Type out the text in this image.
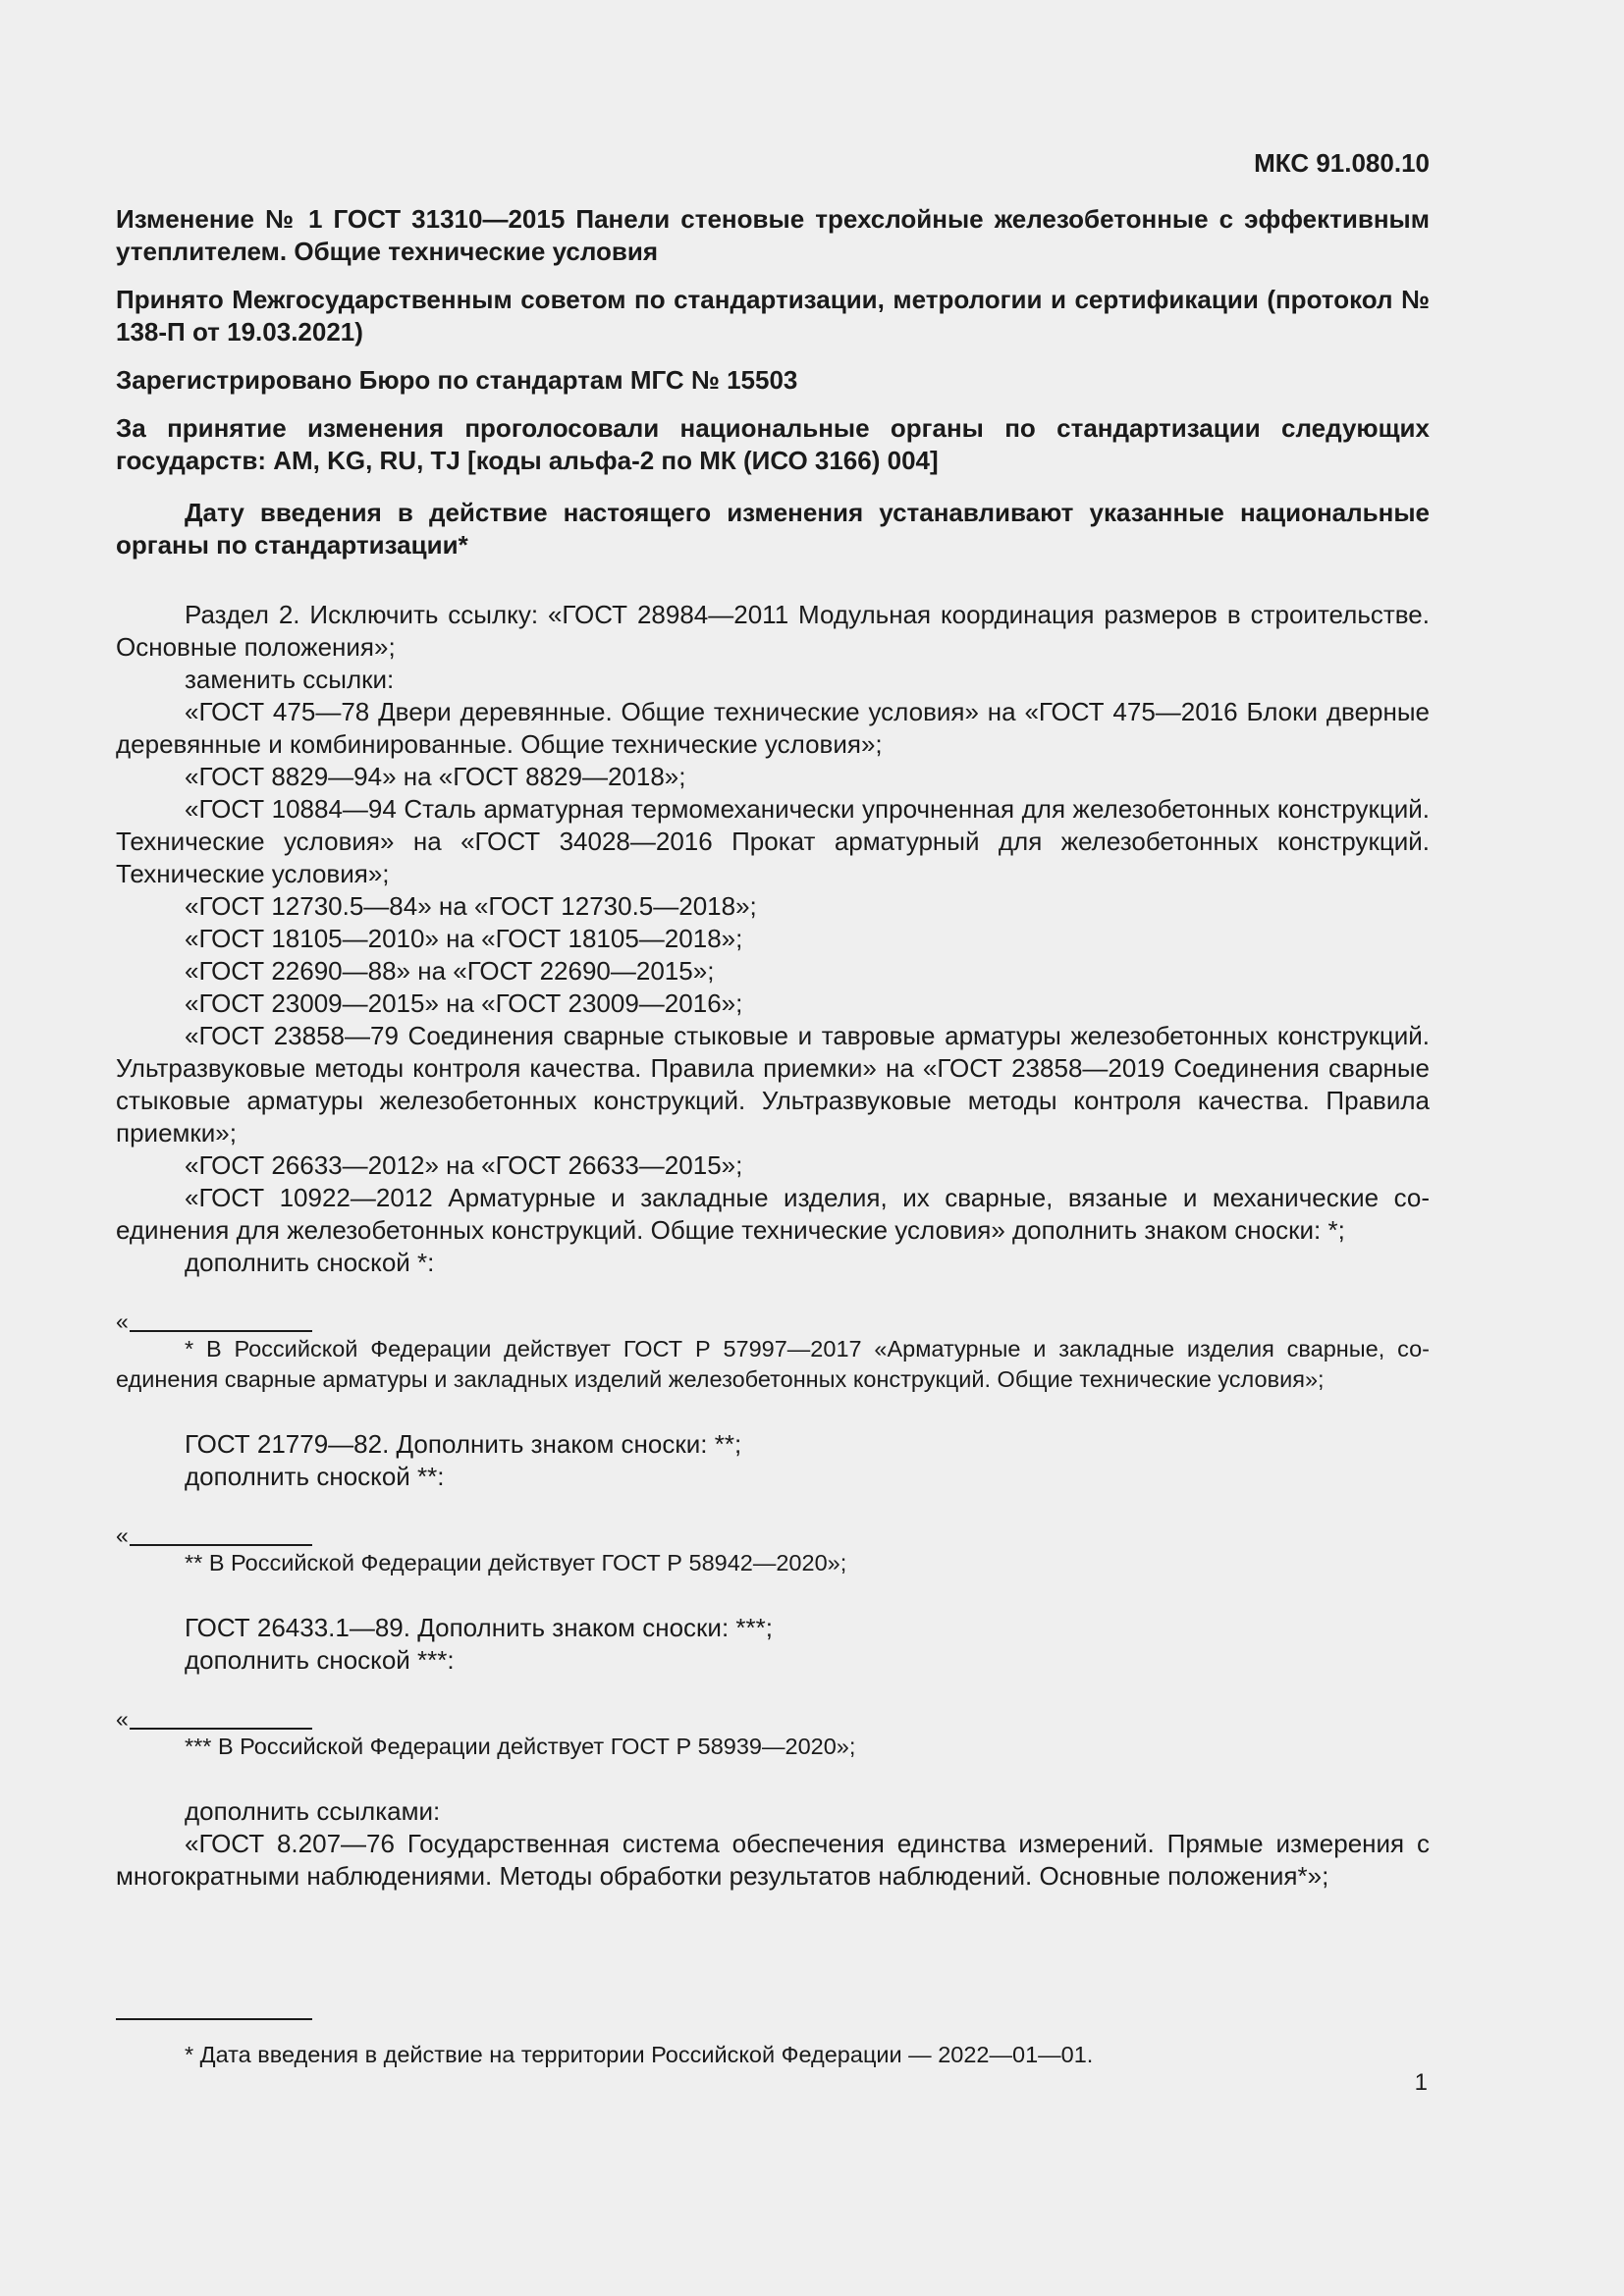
МКС 91.080.10

Изменение № 1 ГОСТ 31310—2015 Панели стеновые трехслойные железобетонные с эффективным утеплителем. Общие технические условия

Принято Межгосударственным советом по стандартизации, метрологии и сертификации (протокол № 138-П от 19.03.2021)

Зарегистрировано Бюро по стандартам МГС № 15503

За принятие изменения проголосовали национальные органы по стандартизации следующих государств: AM, KG, RU, TJ [коды альфа-2 по МК (ИСО 3166) 004]

Дату введения в действие настоящего изменения устанавливают указанные национальные органы по стандартизации*

Раздел 2. Исключить ссылку: «ГОСТ 28984—2011 Модульная координация размеров в строительстве. Основные положения»;

заменить ссылки:

«ГОСТ 475—78 Двери деревянные. Общие технические условия» на «ГОСТ 475—2016 Блоки дверные деревянные и комбинированные. Общие технические условия»;

«ГОСТ 8829—94» на «ГОСТ 8829—2018»;

«ГОСТ 10884—94 Сталь арматурная термомеханически упрочненная для железобетонных конструкций. Технические условия» на «ГОСТ 34028—2016 Прокат арматурный для железобетонных конструкций. Технические условия»;

«ГОСТ 12730.5—84» на «ГОСТ 12730.5—2018»;

«ГОСТ 18105—2010» на «ГОСТ 18105—2018»;

«ГОСТ 22690—88» на «ГОСТ 22690—2015»;

«ГОСТ 23009—2015» на «ГОСТ 23009—2016»;

«ГОСТ 23858—79 Соединения сварные стыковые и тавровые арматуры железобетонных конструкций. Ультразвуковые методы контроля качества. Правила приемки» на «ГОСТ 23858—2019 Соединения сварные стыковые арматуры железобетонных конструкций. Ультразвуковые методы контроля качества. Правила приемки»;

«ГОСТ 26633—2012» на «ГОСТ 26633—2015»;

«ГОСТ 10922—2012 Арматурные и закладные изделия, их сварные, вязаные и механические соединения для железобетонных конструкций. Общие технические условия» дополнить знаком сноски: *;

дополнить сноской *:

«

* В Российской Федерации действует ГОСТ Р 57997—2017 «Арматурные и закладные изделия сварные, соединения сварные арматуры и закладных изделий железобетонных конструкций. Общие технические условия»;

ГОСТ 21779—82. Дополнить знаком сноски: **;

дополнить сноской **:

«

** В Российской Федерации действует ГОСТ Р 58942—2020»;

ГОСТ 26433.1—89. Дополнить знаком сноски: ***;

дополнить сноской ***:

«

*** В Российской Федерации действует ГОСТ Р 58939—2020»;

дополнить ссылками:

«ГОСТ 8.207—76 Государственная система обеспечения единства измерений. Прямые измерения с многократными наблюдениями. Методы обработки результатов наблюдений. Основные положения*»;

* Дата введения в действие на территории Российской Федерации — 2022—01—01.

1
